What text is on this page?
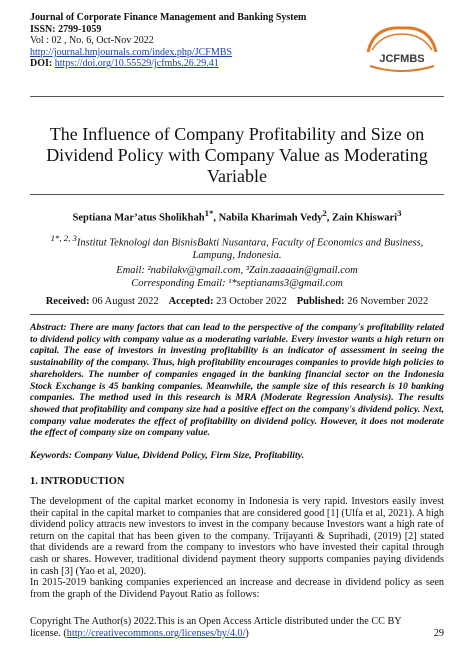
Journal of Corporate Finance Management and Banking System
ISSN: 2799-1059
Vol : 02 , No. 6, Oct-Nov 2022
http://journal.hmjournals.com/index.php/JCFMBS
DOI: https://doi.org/10.55529/jcfmbs.26.29.41	JCFMBS
The Influence of Company Profitability and Size on Dividend Policy with Company Value as Moderating Variable
Septiana Mar’atus Sholikhah$^{1*}$, Nabila Kharimah Vedy$^2$, Zain Khiswari$^3$
$^{1*, 2, 3}$Institut Teknologi dan BisnisBakti Nusantara, Faculty of Economics and Business, Lampung, Indonesia.
Email: ²nabilakv@gmail.com, ³Zain.zaaaain@gmail.com
Corresponding Email: ¹*septianams3@gmail.com
Received: 06 August 2022 Accepted: 23 October 2022 Published: 26 November 2022
Abstract: There are many factors that can lead to the perspective of the company's profitability related to dividend policy with company value as a moderating variable. Every investor wants a high return on capital. The ease of investors in investing profitability is an indicator of assessment in seeing the sustainability of the company. Thus, high profitability encourages companies to provide high policies to shareholders. The number of companies engaged in the banking financial sector on the Indonesia Stock Exchange is 45 banking companies. Meanwhile, the sample size of this research is 10 banking companies. The method used in this research is MRA (Moderate Regression Analysis). The results showed that profitability and company size had a positive effect on the company's dividend policy. Next, company value moderates the effect of profitability on dividend policy. However, it does not moderate the effect of company size on company value.
Keywords: Company Value, Dividend Policy, Firm Size, Profitability.
1. INTRODUCTION

The development of the capital market economy in Indonesia is very rapid. Investors easily invest their capital in the capital market to companies that are considered good [1] (Ulfa et al, 2021). A high dividend policy attracts new investors to invest in the company because Investors want a high rate of return on the capital that has been given to the company. Trijayanti & Suprihadi, (2019) [2] stated that dividends are a reward from the company to investors who have invested their capital through cash or shares. However, traditional dividend payment theory supports companies paying dividends in cash [3] (Yao et al, 2020).

In 2015-2019 banking companies experienced an increase and decrease in dividend policy as seen from the graph of the Dividend Payout Ratio as follows:

Copyright The Author(s) 2022.This is an Open Access Article distributed under the CC BY
license. (http://creativecommons.org/licenses/by/4.0/)	29
